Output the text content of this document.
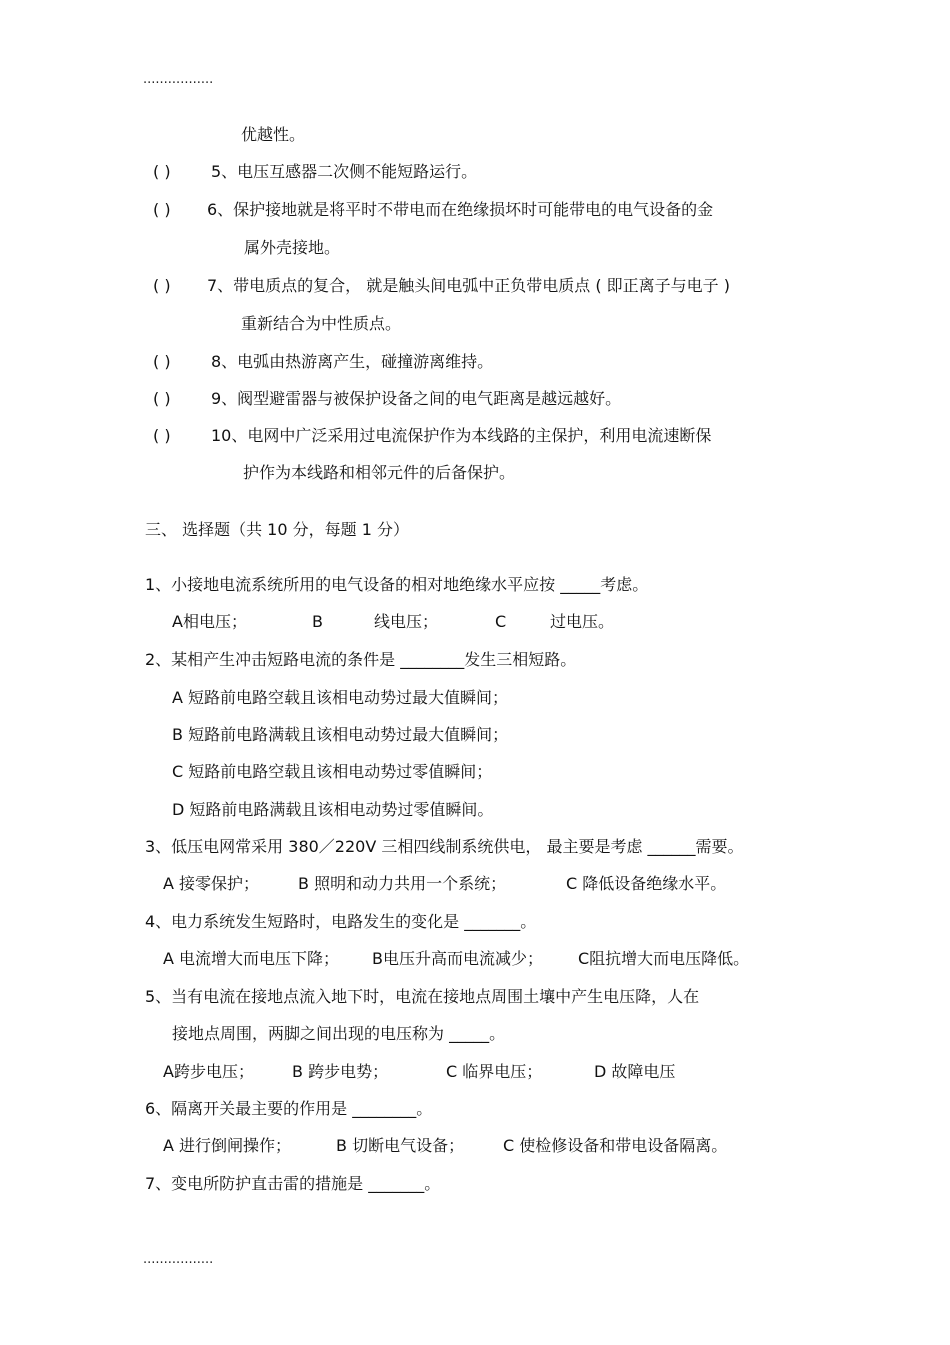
.................
优越性。
( )	5、电压互感器二次侧不能短路运行。
( ) 6、保护接地就是将平时不带电而在绝缘损坏时可能带电的电气设备的金
属外壳接地。
( ) 7、带电质点的复合， 就是触头间电弧中正负带电质点 ( 即正离子与电子 )
重新结合为中性质点。
( )	8、电弧由热游离产生，碰撞游离维持。
( )	9、阀型避雷器与被保护设备之间的电气距离是越远越好。
( )	10、电网中广泛采用过电流保护作为本线路的主保护，利用电流速断保
护作为本线路和相邻元件的后备保护。
三、 选择题（共 10 分，每题 1 分）
1、小接地电流系统所用的电气设备的相对地绝缘水平应按 _____考虑。
A相电压；	B	线电压；	C	过电压。
2、某相产生冲击短路电流的条件是 ________发生三相短路。
A 短路前电路空载且该相电动势过最大值瞬间；
B 短路前电路满载且该相电动势过最大值瞬间；
C 短路前电路空载且该相电动势过零值瞬间；
D 短路前电路满载且该相电动势过零值瞬间。
3、低压电网常采用 380／220V 三相四线制系统供电， 最主要是考虑 ______需要。
A 接零保护； B 照明和动力共用一个系统；	C 降低设备绝缘水平。
4、电力系统发生短路时，电路发生的变化是 _______。
A 电流增大而电压下降； B电压升高而电流减少； C阻抗增大而电压降低。
5、当有电流在接地点流入地下时，电流在接地点周围土壤中产生电压降，人在
接地点周围，两脚之间出现的电压称为 _____。
A跨步电压； B 跨步电势；	C 临界电压；	D 故障电压
6、隔离开关最主要的作用是 ________。
A 进行倒闸操作；	B 切断电气设备； C 使检修设备和带电设备隔离。
7、变电所防护直击雷的措施是 _______。
.................
